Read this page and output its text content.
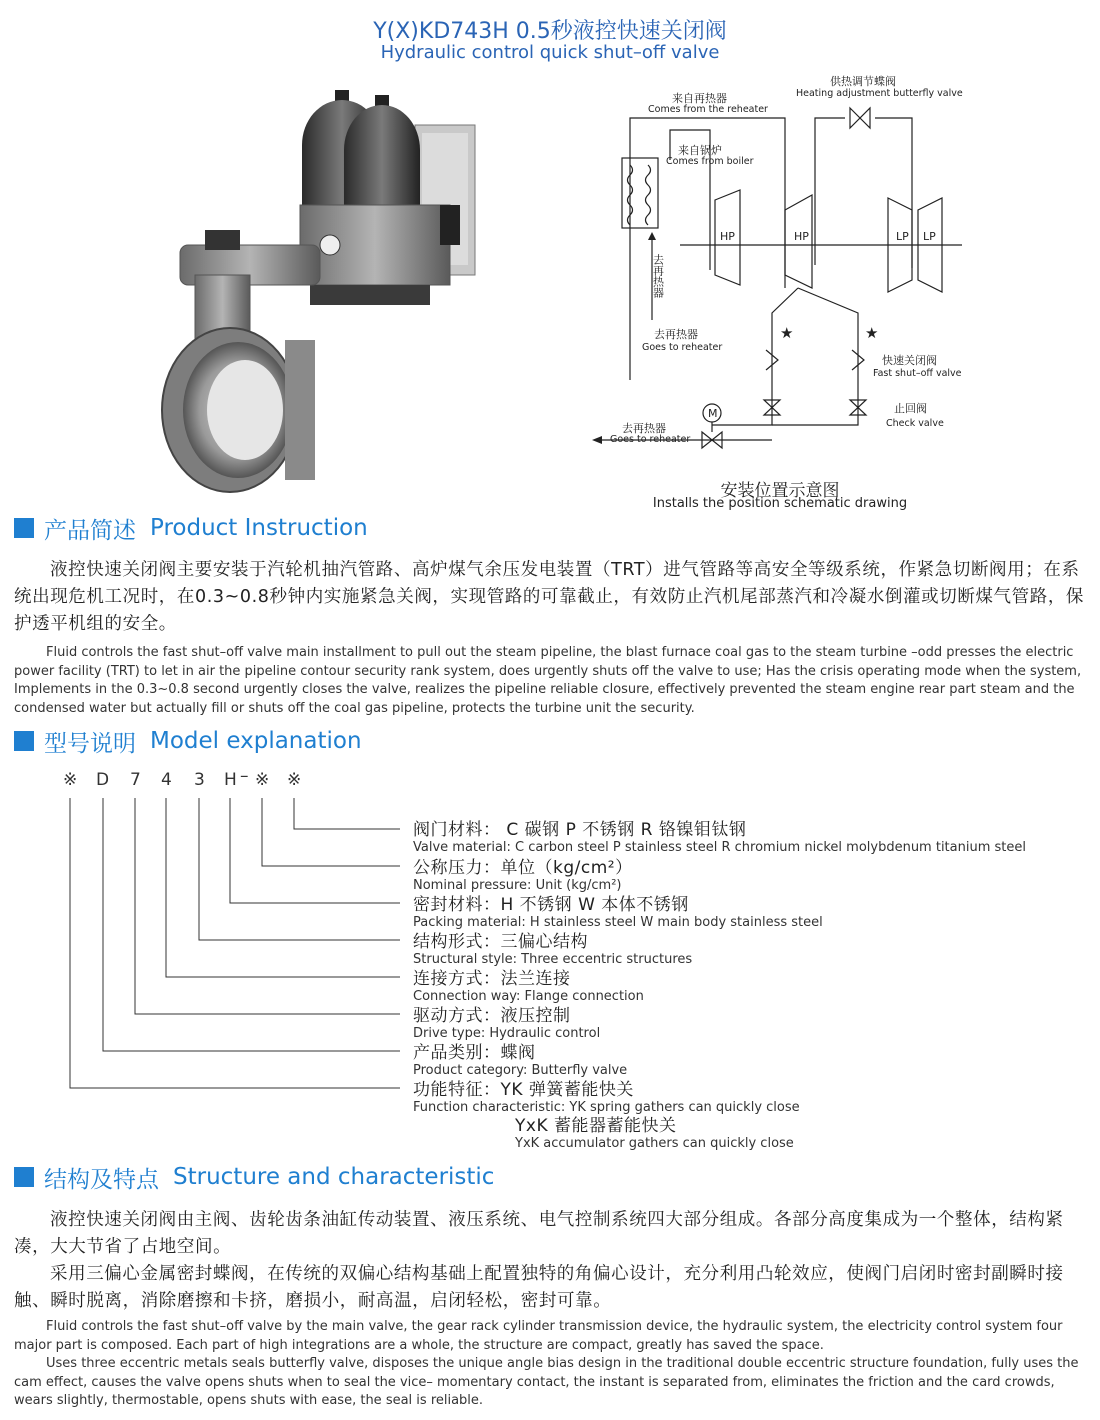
Y(X)KD743H 0.5秒液控快速关闭阀
Hydraulic control quick shut–off valve
来自再热器
Comes from the reheater
供热调节蝶阀
Heating adjustment butterfly valve
来自锅炉
Comes from boiler
HP	HP	LP LP
去再热器
去再热器
Goes to reheater
去再热器
Goes to reheater
快速关闭阀
Fast shut–off valve
止回阀
Check valve
M
★	★
安装位置示意图
Installs the position schematic drawing
产品简述 Product Instruction

液控快速关闭阀主要安装于汽轮机抽汽管路、高炉煤气余压发电装置（TRT）进气管路等高安全等级系统，作紧急切断阀用；在系统出现危机工况时，在0.3~0.8秒钟内实施紧急关阀，实现管路的可靠截止，有效防止汽机尾部蒸汽和冷凝水倒灌或切断煤气管路，保护透平机组的安全。

Fluid controls the fast shut–off valve main installment to pull out the steam pipeline, the blast furnace coal gas to the steam turbine –odd presses the electric power facility (TRT) to let in air the pipeline contour security rank system, does urgently shuts off the valve to use; Has the crisis operating mode when the system, Implements in the 0.3~0.8 second urgently closes the valve, realizes the pipeline reliable closure, effectively prevented the steam engine rear part steam and the condensed water but actually fill or shuts off the coal gas pipeline, protects the turbine unit the security.

型号说明 Model explanation
※ D 7 4 3 H – ※ ※
阀门材料： C 碳钢 P 不锈钢 R 铬镍钼钛钢
Valve material: C carbon steel P stainless steel R chromium nickel molybdenum titanium steel
公称压力：单位（kg/cm²）
Nominal pressure: Unit (kg/cm²)
密封材料：H 不锈钢 W 本体不锈钢
Packing material: H stainless steel W main body stainless steel
结构形式：三偏心结构
Structural style: Three eccentric structures
连接方式：法兰连接
Connection way: Flange connection
驱动方式：液压控制
Drive type: Hydraulic control
产品类别：蝶阀
Product category: Butterfly valve
功能特征：YK 弹簧蓄能快关
Function characteristic: YK spring gathers can quickly close
YxK 蓄能器蓄能快关
YxK accumulator gathers can quickly close
结构及特点 Structure and characteristic

液控快速关闭阀由主阀、齿轮齿条油缸传动装置、液压系统、电气控制系统四大部分组成。各部分高度集成为一个整体，结构紧凑，大大节省了占地空间。

采用三偏心金属密封蝶阀，在传统的双偏心结构基础上配置独特的角偏心设计，充分利用凸轮效应，使阀门启闭时密封副瞬时接触、瞬时脱离，消除磨擦和卡挤，磨损小，耐高温，启闭轻松，密封可靠。

Fluid controls the fast shut–off valve by the main valve, the gear rack cylinder transmission device, the hydraulic system, the electricity control system four major part is composed. Each part of high integrations are a whole, the structure are compact, greatly has saved the space.

Uses three eccentric metals seals butterfly valve, disposes the unique angle bias design in the traditional double eccentric structure foundation, fully uses the cam effect, causes the valve opens shuts when to seal the vice– momentary contact, the instant is separated from, eliminates the friction and the card crowds, wears slightly, thermostable, opens shuts with ease, the seal is reliable.
